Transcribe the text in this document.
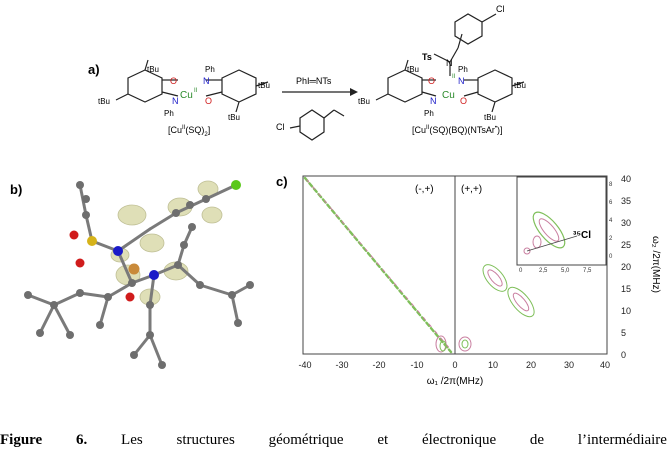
a)
b)
c)
tBu
tBu
tBu
tBu
O	N
Cu II
N	O
Ph
Ph
$[Cu^{II}(SQ)_2]$
PhI═NTs
Cl
tBu
tBu
tBu
tBu
O	N
Cu
II
N	O
Ph
Ph
Ts
N
Cl
$[Cu^{II}(SQ)(BQ)(NTsAr^•)]$
(-,+)	(+,+)
³⁵Cl
0	2,5 5,0 7,5
0
2
4
6
8
-40	-30	-20	-10	0	10	20	30	40
ω₁ /2π(MHz)
0
5
10
15
20
25
30
35
40
ω₂ /2π(MHz)
Figure 6. Les structures géométrique et électronique de l’intermédiaire
